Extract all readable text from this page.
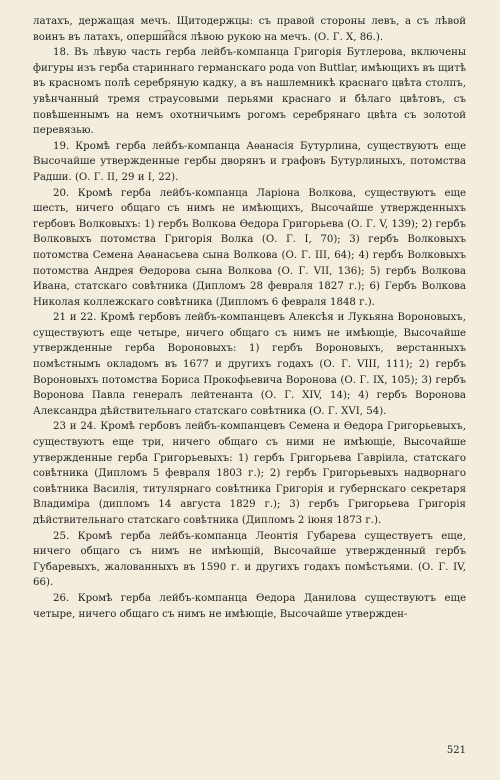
латахъ, держащая мечъ. Щитодержцы: съ правой стороны левъ, а съ лѣвой воинъ въ латахъ, оперши͡йся лѣвою рукою на мечъ. (О. Г. X, 86.).

18. Въ лѣвую часть герба лейбъ-компанца Григорія Бутлерова, включены фигуры изъ герба стариннаго германскаго рода von Buttlar, имѣющихъ въ щитѣ въ красномъ полѣ серебряную кадку, а въ нашлемникѣ краснаго цвѣта столпъ, увѣнчанный тремя страусовыми перьями краснаго и бѣлаго цвѣтовъ, съ повѣшеннымъ на немъ охотничьимъ рогомъ серебрянаго цвѣта съ золотой перевязью.

19. Кромѣ герба лейбъ-компанца Аѳанасія Бутурлина, существуютъ еще Высочайше утвержденные гербы дворянъ и графовъ Бутурлиныхъ, потомства Радши. (О. Г. II, 29 и I, 22).

20. Кромѣ герба лейбъ-компанца Ларіона Волкова, существуютъ еще шесть, ничего общаго съ нимъ не имѣющихъ, Высочайше утвержденныхъ гербовъ Волковыхъ: 1) гербъ Волкова Ѳедора Григорьева (О. Г. V, 139); 2) гербъ Волковыхъ потомства Григорія Волка (О. Г. I, 70); 3) гербъ Волковыхъ потомства Семена Аѳанасьева сына Волкова (О. Г. III, 64); 4) гербъ Волковыхъ потомства Андрея Ѳедорова сына Волкова (О. Г. VII, 136); 5) гербъ Волкова Ивана, статскаго совѣтника (Дипломъ 28 февраля 1827 г.); 6) Гербъ Волкова Николая коллежскаго совѣтника (Дипломъ 6 февраля 1848 г.).

21 и 22. Кромѣ гербовъ лейбъ-компанцевъ Алексѣя и Лукьяна Вороновыхъ, существуютъ еще четыре, ничего общаго съ нимъ не имѣющіе, Высочайше утвержденные герба Вороновыхъ: 1) гербъ Вороновыхъ, верстанныхъ помѣстнымъ окладомъ въ 1677 и другихъ годахъ (О. Г. VIII, 111); 2) гербъ Вороновыхъ потомства Бориса Прокофьевича Воронова (О. Г. IX, 105); 3) гербъ Воронова Павла генералъ лейтенанта (О. Г. XIV, 14); 4) гербъ Воронова Александра дѣйствительнаго статскаго совѣтника (О. Г. XVI, 54).

23 и 24. Кромѣ гербовъ лейбъ-компанцевъ Семена и Ѳедора Григорьевыхъ, существуютъ еще три, ничего общаго съ ними не имѣющіе, Высочайше утвержденные герба Григорьевыхъ: 1) гербъ Григорьева Гавріила, статскаго совѣтника (Дипломъ 5 февраля 1803 г.); 2) гербъ Григорьевыхъ надворнаго совѣтника Василія, титулярнаго совѣтника Григорія и губернскаго секретаря Владиміра (дипломъ 14 августа 1829 г.); 3) гербъ Григорьева Григорія дѣйствительнаго статскаго совѣтника (Дипломъ 2 іюня 1873 г.).

25. Кромѣ герба лейбъ-компанца Леонтія Губарева существуетъ еще, ничего общаго съ нимъ не имѣющій, Высочайше утвержденный гербъ Губаревыхъ, жалованныхъ въ 1590 г. и другихъ годахъ помѣстьями. (О. Г. IV, 66).

26. Кромѣ герба лейбъ-компанца Ѳедора Данилова существуютъ еще четыре, ничего общаго съ нимъ не имѣющіе, Высочайше утвержден-

521
